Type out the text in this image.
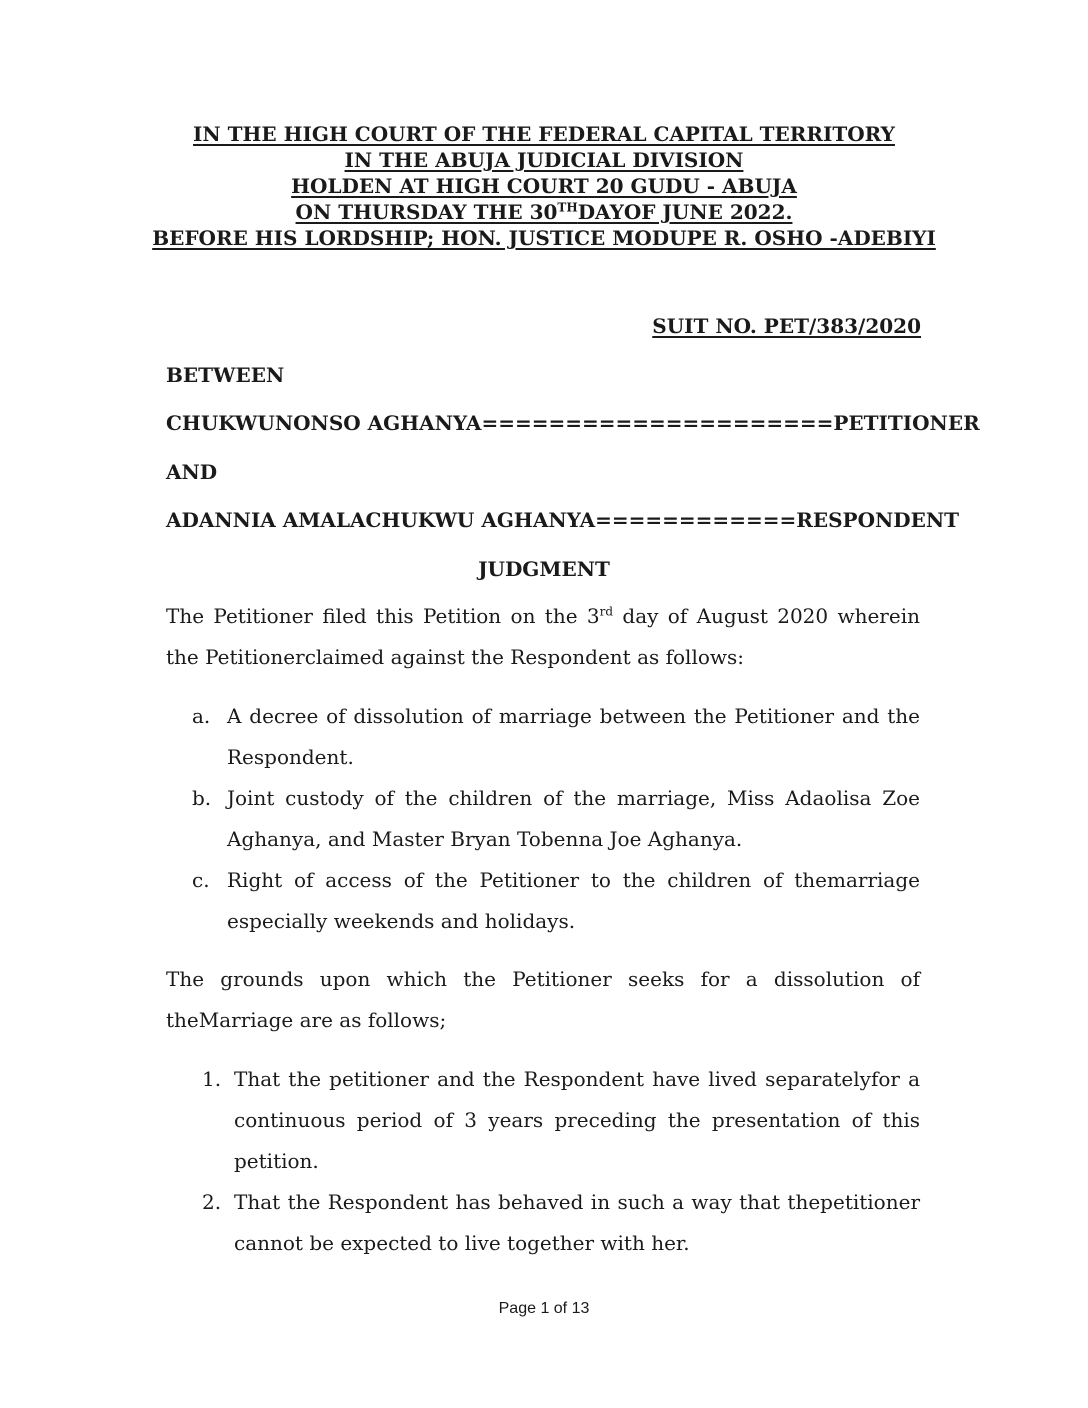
IN THE HIGH COURT OF THE FEDERAL CAPITAL TERRITORY
IN THE ABUJA JUDICIAL DIVISION
HOLDEN AT HIGH COURT 20 GUDU - ABUJA
ON THURSDAY THE 30THDAYOF JUNE 2022.
BEFORE HIS LORDSHIP; HON. JUSTICE MODUPE R. OSHO -ADEBIYI
SUIT NO. PET/383/2020
BETWEEN
CHUKWUNONSO AGHANYA=====================PETITIONER
AND
ADANNIA AMALACHUKWU AGHANYA============RESPONDENT
JUDGMENT
The Petitioner filed this Petition on the 3rd day of August 2020 wherein the Petitionerclaimed against the Respondent as follows:
a. A decree of dissolution of marriage between the Petitioner and the Respondent.
b. Joint custody of the children of the marriage, Miss Adaolisa Zoe Aghanya, and Master Bryan Tobenna Joe Aghanya.
c. Right of access of the Petitioner to the children of themarriage especially weekends and holidays.
The grounds upon which the Petitioner seeks for a dissolution of theMarriage are as follows;
1. That the petitioner and the Respondent have lived separatelyfor a continuous period of 3 years preceding the presentation of this petition.
2. That the Respondent has behaved in such a way that thepetitioner cannot be expected to live together with her.
Page 1 of 13
